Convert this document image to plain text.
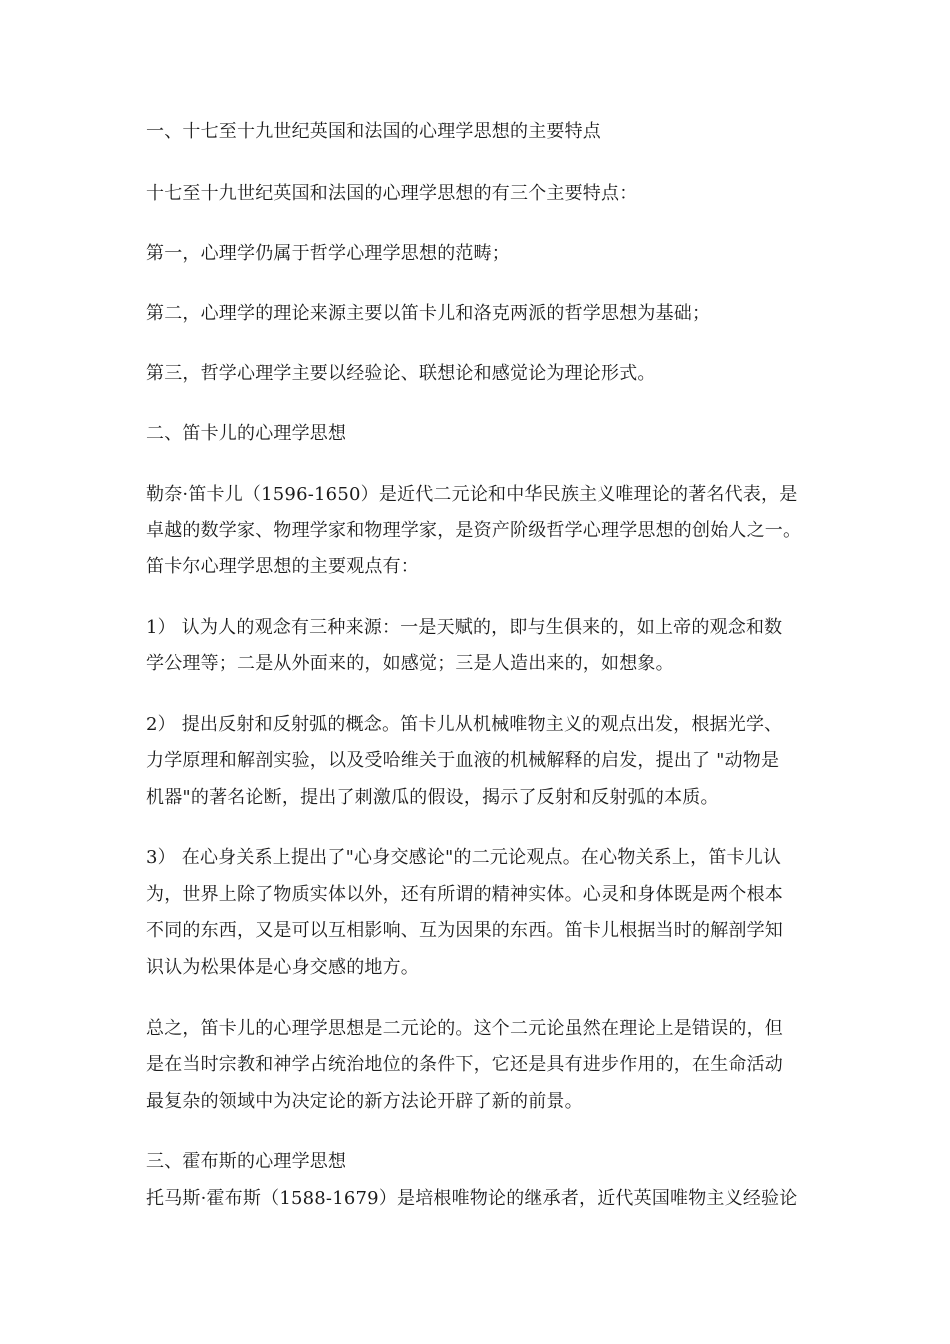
一、十七至十九世纪英国和法国的心理学思想的主要特点
十七至十九世纪英国和法国的心理学思想的有三个主要特点：
第一，心理学仍属于哲学心理学思想的范畴；
第二，心理学的理论来源主要以笛卡儿和洛克两派的哲学思想为基础；
第三，哲学心理学主要以经验论、联想论和感觉论为理论形式。
二、笛卡儿的心理学思想
勒奈·笛卡儿（1596-1650）是近代二元论和中华民族主义唯理论的著名代表，是
卓越的数学家、物理学家和物理学家，是资产阶级哲学心理学思想的创始人之一。
笛卡尔心理学思想的主要观点有：
1） 认为人的观念有三种来源：一是天赋的，即与生俱来的，如上帝的观念和数
学公理等；二是从外面来的，如感觉；三是人造出来的，如想象。
2） 提出反射和反射弧的概念。笛卡儿从机械唯物主义的观点出发，根据光学、
力学原理和解剖实验，以及受哈维关于血液的机械解释的启发，提出了 "动物是
机器"的著名论断，提出了刺激瓜的假设，揭示了反射和反射弧的本质。
3） 在心身关系上提出了"心身交感论"的二元论观点。在心物关系上，笛卡儿认
为，世界上除了物质实体以外，还有所谓的精神实体。心灵和身体既是两个根本
不同的东西，又是可以互相影响、互为因果的东西。笛卡儿根据当时的解剖学知
识认为松果体是心身交感的地方。
总之，笛卡儿的心理学思想是二元论的。这个二元论虽然在理论上是错误的，但
是在当时宗教和神学占统治地位的条件下，它还是具有进步作用的，在生命活动
最复杂的领域中为决定论的新方法论开辟了新的前景。
三、霍布斯的心理学思想
托马斯·霍布斯（1588-1679）是培根唯物论的继承者，近代英国唯物主义经验论
